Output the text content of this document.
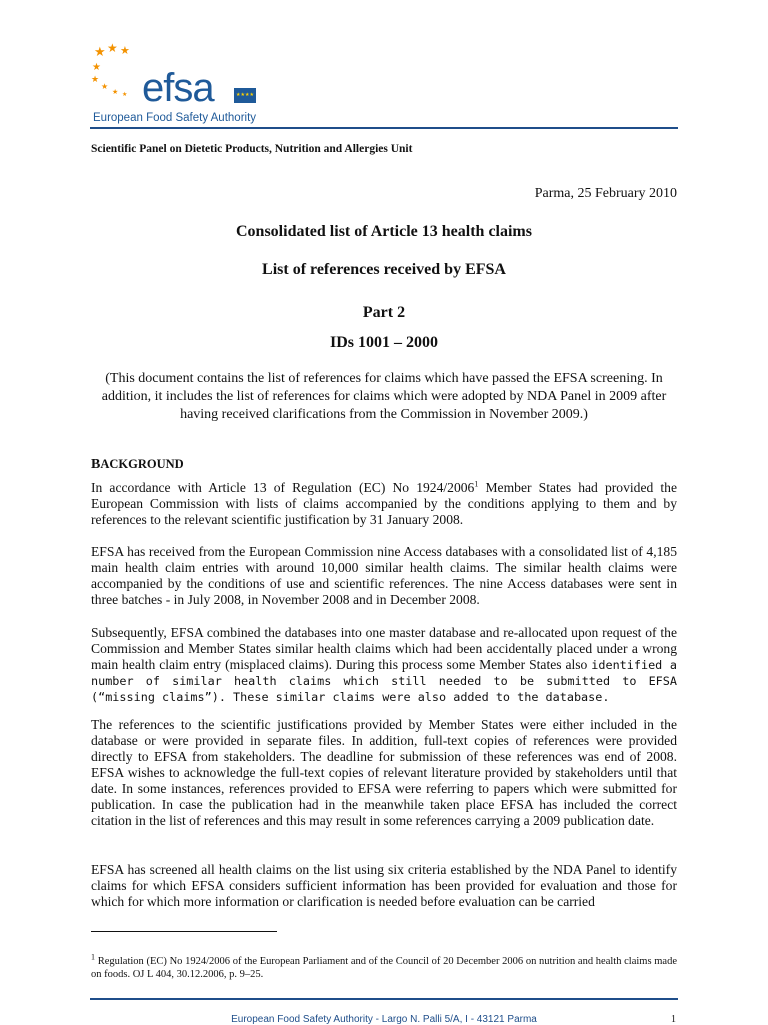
★ ★ ★
★
★
★
★ ★ efsa	★★★★
European Food Safety Authority
Scientific Panel on Dietetic Products, Nutrition and Allergies Unit
Parma, 25 February 2010
Consolidated list of Article 13 health claims
List of references received by EFSA
Part 2
IDs 1001 – 2000
(This document contains the list of references for claims which have passed the EFSA screening. In addition, it includes the list of references for claims which were adopted by NDA Panel in 2009 after having received clarifications from the Commission in November 2009.)
BACKGROUND

In accordance with Article 13 of Regulation (EC) No 1924/2006$^1$ Member States had provided the European Commission with lists of claims accompanied by the conditions applying to them and by references to the relevant scientific justification by 31 January 2008.

EFSA has received from the European Commission nine Access databases with a consolidated list of 4,185 main health claim entries with around 10,000 similar health claims. The similar health claims were accompanied by the conditions of use and scientific references. The nine Access databases were sent in three batches - in July 2008, in November 2008 and in December 2008.

Subsequently, EFSA combined the databases into one master database and re-allocated upon request of the Commission and Member States similar health claims which had been accidentally placed under a wrong main health claim entry (misplaced claims). During this process some Member States also identified a number of similar health claims which still needed to be submitted to EFSA (“missing claims”). These similar claims were also added to the database.

The references to the scientific justifications provided by Member States were either included in the database or were provided in separate files. In addition, full-text copies of references were provided directly to EFSA from stakeholders. The deadline for submission of these references was end of 2008. EFSA wishes to acknowledge the full-text copies of relevant literature provided by stakeholders until that date. In some instances, references provided to EFSA were referring to papers which were submitted for publication. In case the publication had in the meanwhile taken place EFSA has included the correct citation in the list of references and this may result in some references carrying a 2009 publication date.

EFSA has screened all health claims on the list using six criteria established by the NDA Panel to identify claims for which EFSA considers sufficient information has been provided for evaluation and those for which for which more information or clarification is needed before evaluation can be carried

$^1$ Regulation (EC) No 1924/2006 of the European Parliament and of the Council of 20 December 2006 on nutrition and health claims made on foods. OJ L 404, 30.12.2006, p. 9–25.
European Food Safety Authority - Largo N. Palli 5/A, I - 43121 Parma	1
